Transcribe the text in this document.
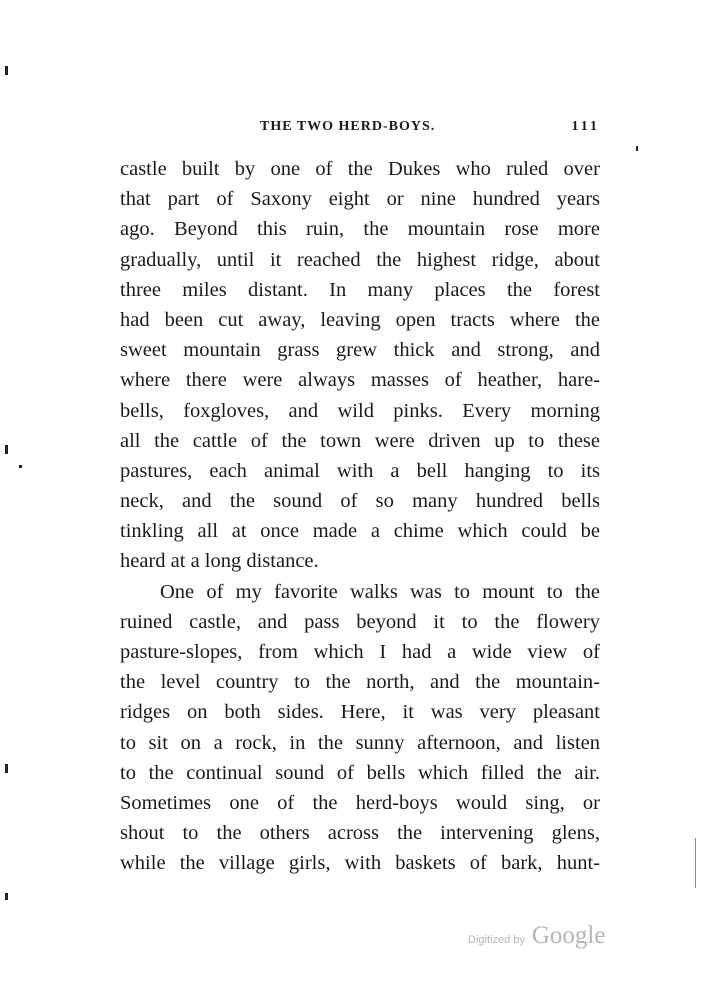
THE TWO HERD-BOYS.	111
castle built by one of the Dukes who ruled over
that part of Saxony eight or nine hundred years
ago. Beyond this ruin, the mountain rose more
gradually, until it reached the highest ridge, about
three miles distant. In many places the forest
had been cut away, leaving open tracts where the
sweet mountain grass grew thick and strong, and
where there were always masses of heather, hare-
bells, foxgloves, and wild pinks. Every morning
all the cattle of the town were driven up to these
pastures, each animal with a bell hanging to its
neck, and the sound of so many hundred bells
tinkling all at once made a chime which could be
heard at a long distance.
One of my favorite walks was to mount to the
ruined castle, and pass beyond it to the flowery
pasture-slopes, from which I had a wide view of
the level country to the north, and the mountain-
ridges on both sides. Here, it was very pleasant
to sit on a rock, in the sunny afternoon, and listen
to the continual sound of bells which filled the air.
Sometimes one of the herd-boys would sing, or
shout to the others across the intervening glens,
while the village girls, with baskets of bark, hunt-
Digitized by Google
